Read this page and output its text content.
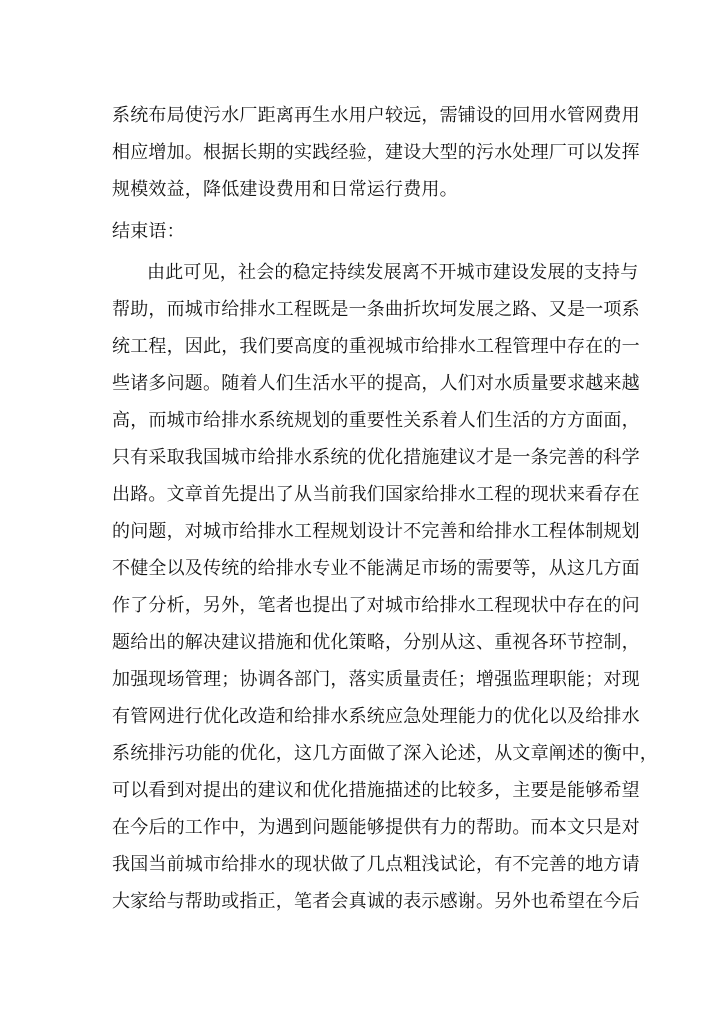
系统布局使污水厂距离再生水用户较远，需铺设的回用水管网费用
相应增加。根据长期的实践经验，建设大型的污水处理厂可以发挥
规模效益，降低建设费用和日常运行费用。
结束语：
由此可见，社会的稳定持续发展离不开城市建设发展的支持与
帮助，而城市给排水工程既是一条曲折坎坷发展之路、又是一项系
统工程，因此，我们要高度的重视城市给排水工程管理中存在的一
些诸多问题。随着人们生活水平的提高，人们对水质量要求越来越
高，而城市给排水系统规划的重要性关系着人们生活的方方面面，
只有采取我国城市给排水系统的优化措施建议才是一条完善的科学
出路。文章首先提出了从当前我们国家给排水工程的现状来看存在
的问题，对城市给排水工程规划设计不完善和给排水工程体制规划
不健全以及传统的给排水专业不能满足市场的需要等，从这几方面
作了分析，另外，笔者也提出了对城市给排水工程现状中存在的问
题给出的解决建议措施和优化策略，分别从这、重视各环节控制，
加强现场管理；协调各部门，落实质量责任；增强监理职能；对现
有管网进行优化改造和给排水系统应急处理能力的优化以及给排水
系统排污功能的优化，这几方面做了深入论述，从文章阐述的衡中，
可以看到对提出的建议和优化措施描述的比较多，主要是能够希望
在今后的工作中，为遇到问题能够提供有力的帮助。而本文只是对
我国当前城市给排水的现状做了几点粗浅试论，有不完善的地方请
大家给与帮助或指正，笔者会真诚的表示感谢。另外也希望在今后
